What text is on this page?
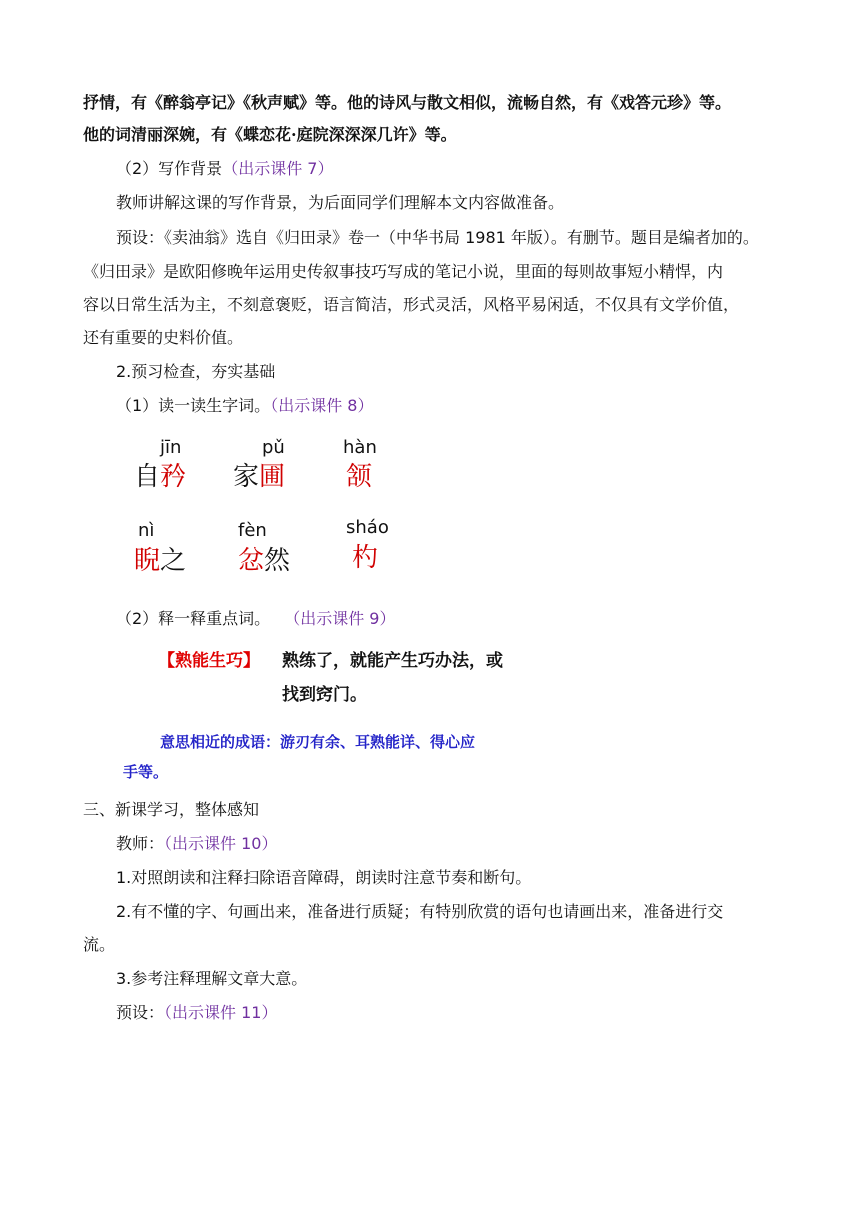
抒情，有《醉翁亭记》《秋声赋》等。他的诗风与散文相似，流畅自然，有《戏答元珍》等。
他的词清丽深婉，有《蝶恋花·庭院深深深几许》等。
（2）写作背景（出示课件 7）
教师讲解这课的写作背景，为后面同学们理解本文内容做准备。
预设：《卖油翁》选自《归田录》卷一（中华书局 1981 年版）。有删节。题目是编者加的。
《归田录》是欧阳修晚年运用史传叙事技巧写成的笔记小说，里面的每则故事短小精悍，内
容以日常生活为主，不刻意褒贬，语言简洁，形式灵活，风格平易闲适，不仅具有文学价值，
还有重要的史料价值。
2.预习检查，夯实基础
（1）读一读生字词。（出示课件 8）
jīn
自矜
pǔ
家圃
hàn
颔
nì
睨之
fèn
忿然
sháo
杓
（2）释一释重点词。 （出示课件 9）
【熟能生巧】 熟练了，就能产生巧办法，或
找到窍门。
意思相近的成语：游刃有余、耳熟能详、得心应
手等。
三、新课学习，整体感知
教师：（出示课件 10）
1.对照朗读和注释扫除语音障碍，朗读时注意节奏和断句。
2.有不懂的字、句画出来，准备进行质疑；有特别欣赏的语句也请画出来，准备进行交
流。
3.参考注释理解文章大意。
预设：（出示课件 11）
